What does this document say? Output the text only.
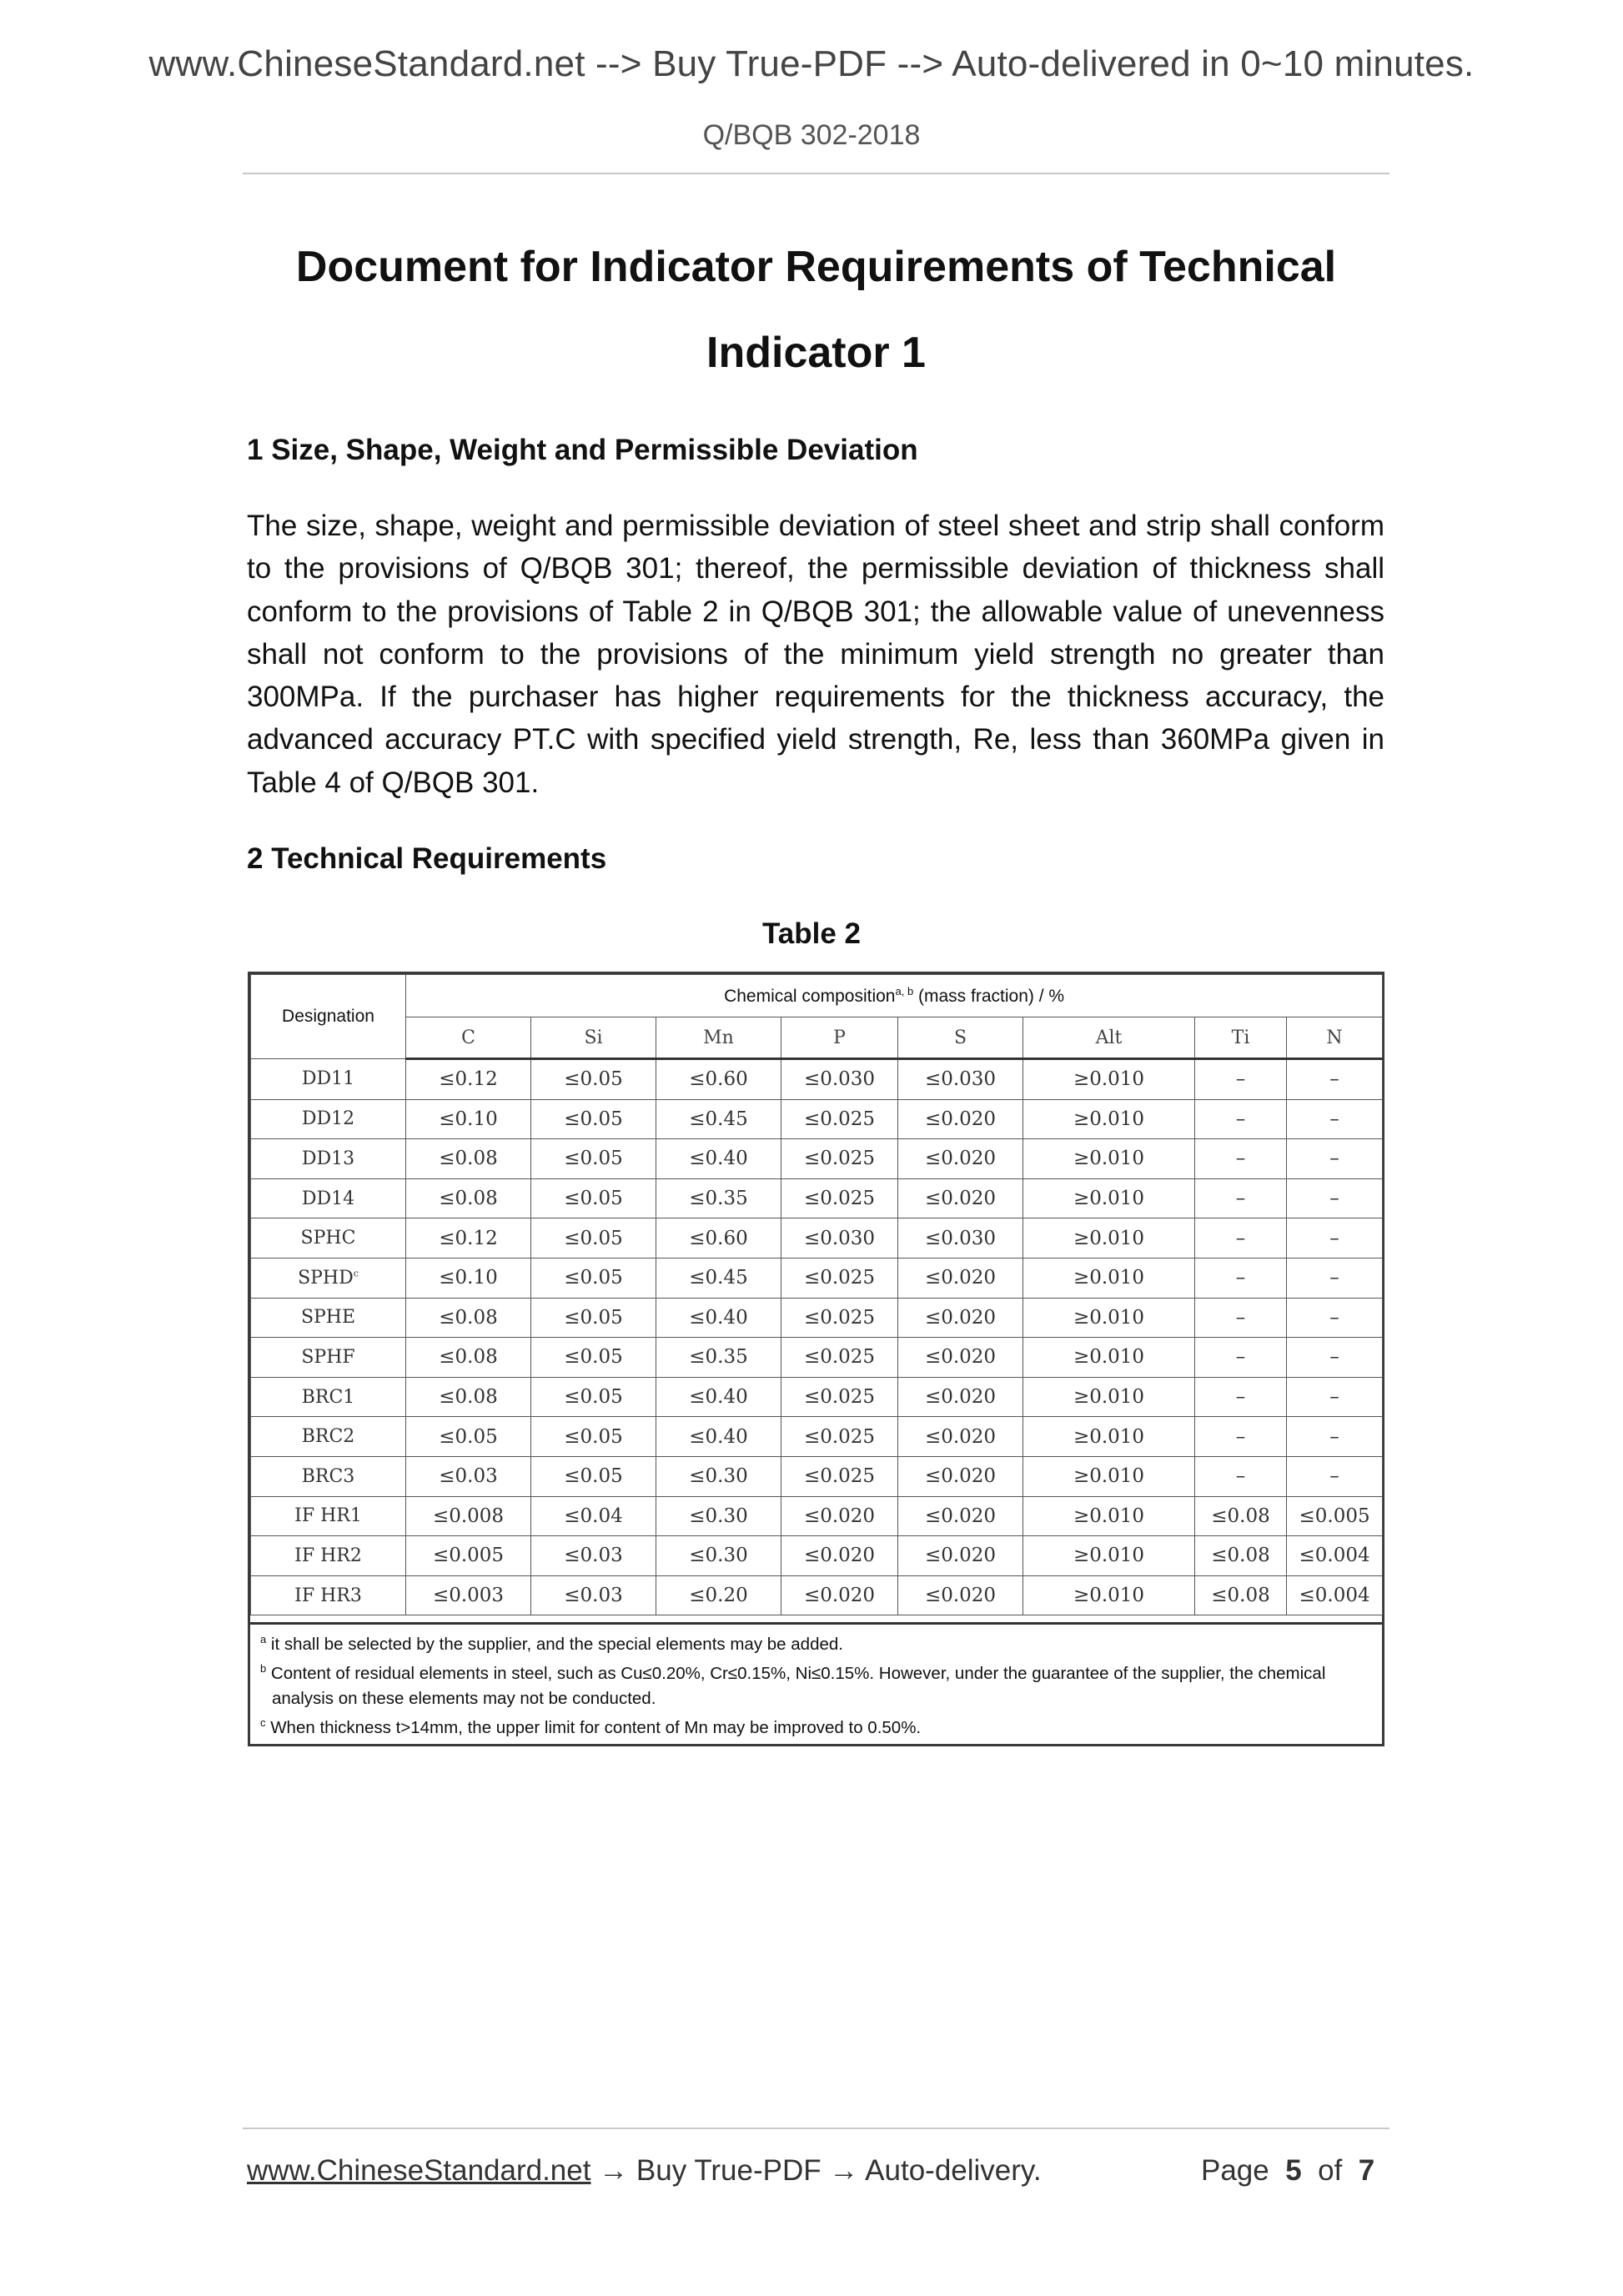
www.ChineseStandard.net --> Buy True-PDF --> Auto-delivered in 0~10 minutes.
Q/BQB 302-2018
Document for Indicator Requirements of Technical
Indicator 1
1 Size, Shape, Weight and Permissible Deviation
The size, shape, weight and permissible deviation of steel sheet and strip shall conform to the provisions of Q/BQB 301; thereof, the permissible deviation of thickness shall conform to the provisions of Table 2 in Q/BQB 301; the allowable value of unevenness shall not conform to the provisions of the minimum yield strength no greater than 300MPa. If the purchaser has higher requirements for the thickness accuracy, the advanced accuracy PT.C with specified yield strength, Re, less than 360MPa given in Table 4 of Q/BQB 301.
2 Technical Requirements
Table 2
Designation	Chemical composition$^{a, b}$ (mass fraction) / %							
	C	Si	Mn	P	S	Alt	Ti	N
DD11	≤0.12	≤0.05	≤0.60	≤0.030	≤0.030	≥0.010	–	–
DD12	≤0.10	≤0.05	≤0.45	≤0.025	≤0.020	≥0.010	–	–
DD13	≤0.08	≤0.05	≤0.40	≤0.025	≤0.020	≥0.010	–	–
DD14	≤0.08	≤0.05	≤0.35	≤0.025	≤0.020	≥0.010	–	–
SPHC	≤0.12	≤0.05	≤0.60	≤0.030	≤0.030	≥0.010	–	–
SPHD$^c$	≤0.10	≤0.05	≤0.45	≤0.025	≤0.020	≥0.010	–	–
SPHE	≤0.08	≤0.05	≤0.40	≤0.025	≤0.020	≥0.010	–	–
SPHF	≤0.08	≤0.05	≤0.35	≤0.025	≤0.020	≥0.010	–	–
BRC1	≤0.08	≤0.05	≤0.40	≤0.025	≤0.020	≥0.010	–	–
BRC2	≤0.05	≤0.05	≤0.40	≤0.025	≤0.020	≥0.010	–	–
BRC3	≤0.03	≤0.05	≤0.30	≤0.025	≤0.020	≥0.010	–	–
IF HR1	≤0.008	≤0.04	≤0.30	≤0.020	≤0.020	≥0.010	≤0.08	≤0.005
IF HR2	≤0.005	≤0.03	≤0.30	≤0.020	≤0.020	≥0.010	≤0.08	≤0.004
IF HR3	≤0.003	≤0.03	≤0.20	≤0.020	≤0.020	≥0.010	≤0.08	≤0.004
$^a$ it shall be selected by the supplier, and the special elements may be added.
$^b$ Content of residual elements in steel, such as Cu≤0.20%, Cr≤0.15%, Ni≤0.15%. However, under the guarantee of the supplier, the chemical
analysis on these elements may not be conducted.
$^c$ When thickness t>14mm, the upper limit for content of Mn may be improved to 0.50%.
www.ChineseStandard.net → Buy True-PDF → Auto-delivery.	Page 5 of 7
